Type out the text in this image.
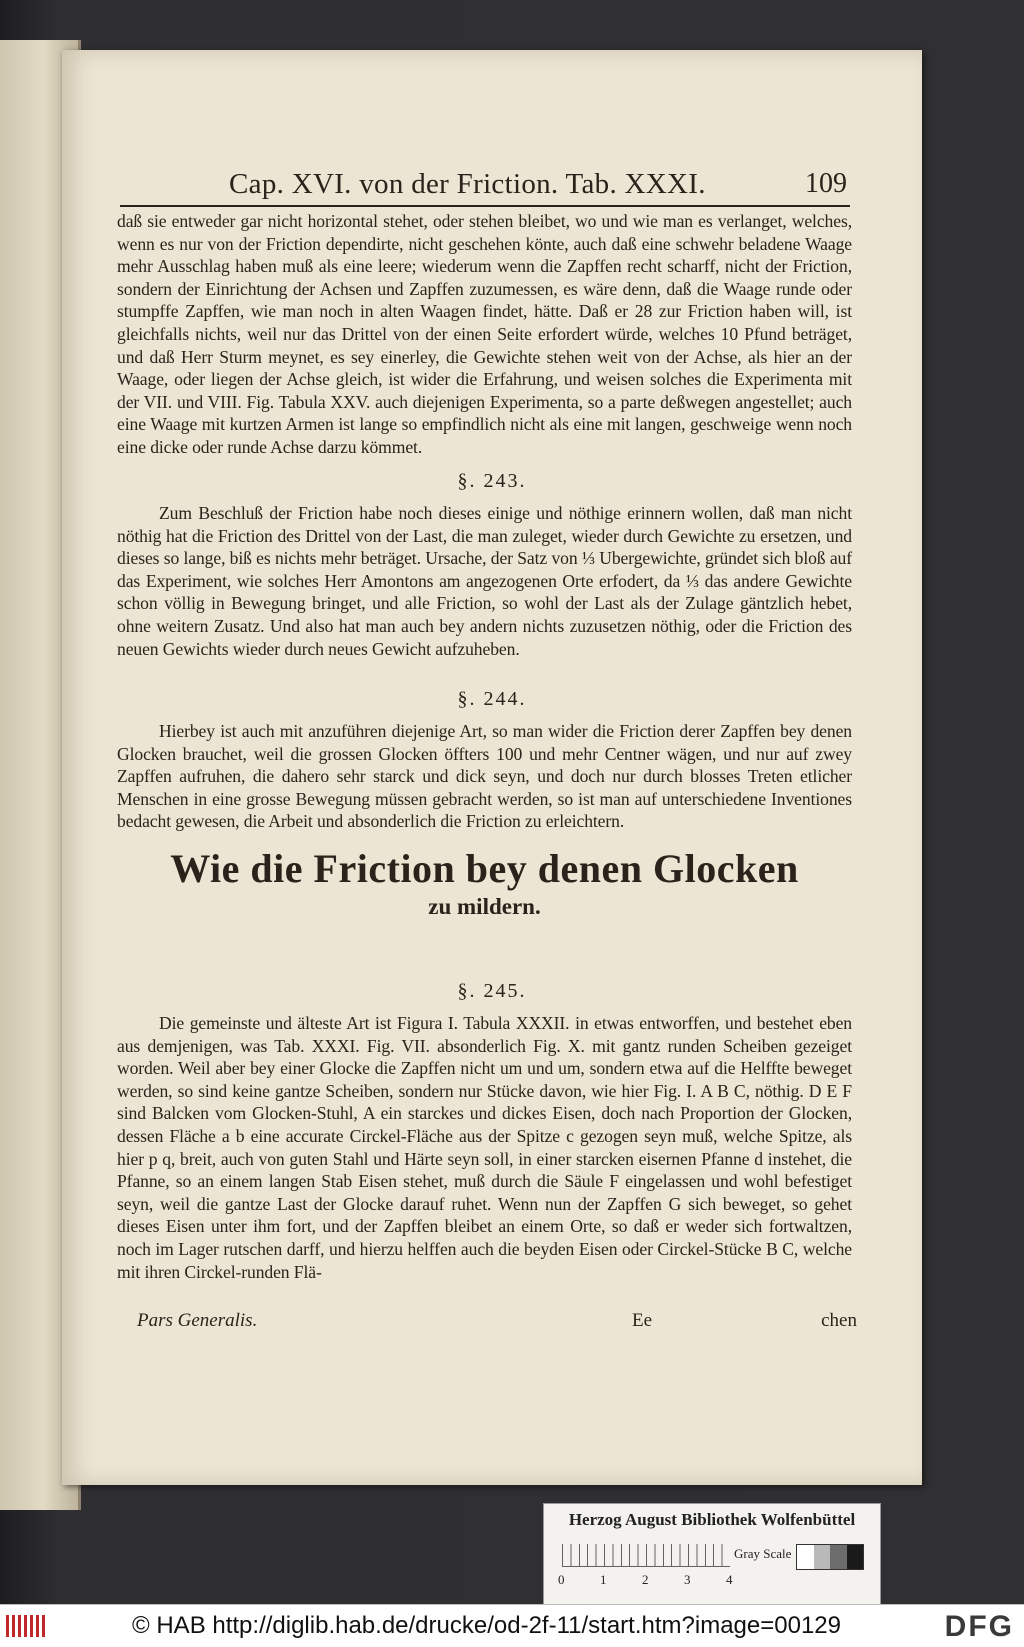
Cap. XVI. von der Friction. Tab. XXXI.	109

daß sie entweder gar nicht horizontal stehet, oder stehen bleibet, wo und wie man es verlanget, welches, wenn es nur von der Friction dependirte, nicht geschehen könte, auch daß eine schwehr beladene Waage mehr Ausschlag haben muß als eine leere; wiederum wenn die Zapffen recht scharff, nicht der Friction, sondern der Einrichtung der Achsen und Zapffen zuzumessen, es wäre denn, daß die Waage runde oder stumpffe Zapffen, wie man noch in alten Waagen findet, hätte. Daß er 28 zur Friction haben will, ist gleichfalls nichts, weil nur das Drittel von der einen Seite erfordert würde, welches 10 Pfund beträget, und daß Herr Sturm meynet, es sey einerley, die Gewichte stehen weit von der Achse, als hier an der Waage, oder liegen der Achse gleich, ist wider die Erfahrung, und weisen solches die Experimenta mit der VII. und VIII. Fig. Tabula XXV. auch diejenigen Experimenta, so a parte deßwegen angestellet; auch eine Waage mit kurtzen Armen ist lange so empfindlich nicht als eine mit langen, geschweige wenn noch eine dicke oder runde Achse darzu kömmet.

§. 243.

Zum Beschluß der Friction habe noch dieses einige und nöthige erinnern wollen, daß man nicht nöthig hat die Friction des Drittel von der Last, die man zuleget, wieder durch Gewichte zu ersetzen, und dieses so lange, biß es nichts mehr beträget. Ursache, der Satz von ⅓ Ubergewichte, gründet sich bloß auf das Experiment, wie solches Herr Amontons am angezogenen Orte erfodert, da ⅓ das andere Gewichte schon völlig in Bewegung bringet, und alle Friction, so wohl der Last als der Zulage gäntzlich hebet, ohne weitern Zusatz. Und also hat man auch bey andern nichts zuzusetzen nöthig, oder die Friction des neuen Gewichts wieder durch neues Gewicht aufzuheben.

§. 244.

Hierbey ist auch mit anzuführen diejenige Art, so man wider die Friction derer Zapffen bey denen Glocken brauchet, weil die grossen Glocken öffters 100 und mehr Centner wägen, und nur auf zwey Zapffen aufruhen, die dahero sehr starck und dick seyn, und doch nur durch blosses Treten etlicher Menschen in eine grosse Bewegung müssen gebracht werden, so ist man auf unterschiedene Inventiones bedacht gewesen, die Arbeit und absonderlich die Friction zu erleichtern.

Wie die Friction bey denen Glocken
zu mildern.
§. 245.

Die gemeinste und älteste Art ist Figura I. Tabula XXXII. in etwas entworffen, und bestehet eben aus demjenigen, was Tab. XXXI. Fig. VII. absonderlich Fig. X. mit gantz runden Scheiben gezeiget worden. Weil aber bey einer Glocke die Zapffen nicht um und um, sondern etwa auf die Helffte beweget werden, so sind keine gantze Scheiben, sondern nur Stücke davon, wie hier Fig. I. A B C, nöthig. D E F sind Balcken vom Glocken-Stuhl, A ein starckes und dickes Eisen, doch nach Proportion der Glocken, dessen Fläche a b eine accurate Circkel-Fläche aus der Spitze c gezogen seyn muß, welche Spitze, als hier p q, breit, auch von guten Stahl und Härte seyn soll, in einer starcken eisernen Pfanne d instehet, die Pfanne, so an einem langen Stab Eisen stehet, muß durch die Säule F eingelassen und wohl befestiget seyn, weil die gantze Last der Glocke darauf ruhet. Wenn nun der Zapffen G sich beweget, so gehet dieses Eisen unter ihm fort, und der Zapffen bleibet an einem Orte, so daß er weder sich fortwaltzen, noch im Lager rutschen darff, und hierzu helffen auch die beyden Eisen oder Circkel-Stücke B C, welche mit ihren Circkel-runden Flä-

Pars Generalis.	Ee	chen
Herzog August Bibliothek Wolfenbüttel
0	1	2	3	4
Gray Scale
© HAB http://diglib.hab.de/drucke/od-2f-11/start.htm?image=00129	DFG
